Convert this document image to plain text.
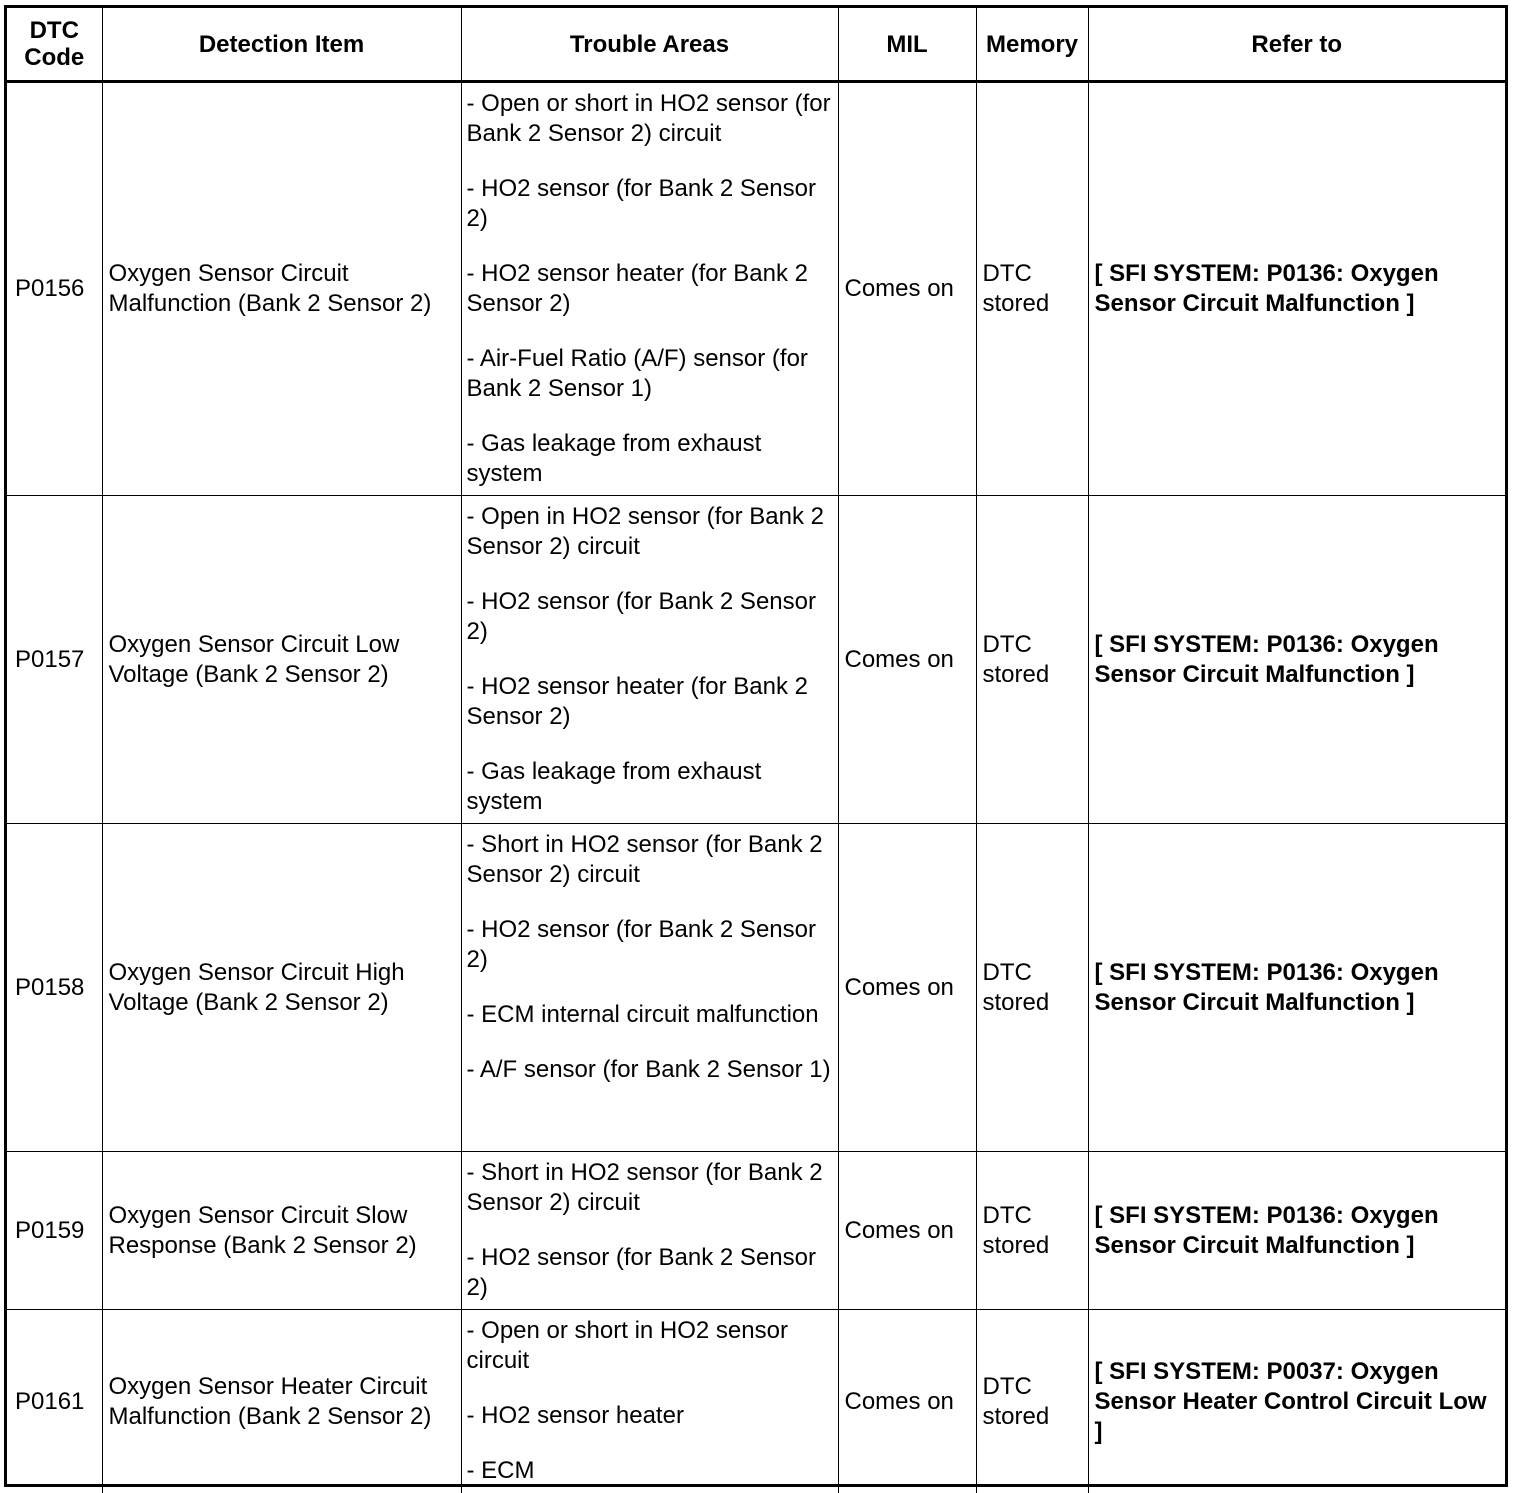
DTC Code	Detection Item	Trouble Areas	MIL	Memory	Refer to
P0156	Oxygen Sensor Circuit Malfunction (Bank 2 Sensor 2)	- Open or short in HO2 sensor (for Bank 2 Sensor 2) circuit
- HO2 sensor (for Bank 2 Sensor 2)
- HO2 sensor heater (for Bank 2 Sensor 2)
- Air-Fuel Ratio (A/F) sensor (for Bank 2 Sensor 1)
- Gas leakage from exhaust system	Comes on	DTC stored	[ SFI SYSTEM: P0136: Oxygen Sensor Circuit Malfunction ]
P0157	Oxygen Sensor Circuit Low Voltage (Bank 2 Sensor 2)	- Open in HO2 sensor (for Bank 2 Sensor 2) circuit
- HO2 sensor (for Bank 2 Sensor 2)
- HO2 sensor heater (for Bank 2 Sensor 2)
- Gas leakage from exhaust system	Comes on	DTC stored	[ SFI SYSTEM: P0136: Oxygen Sensor Circuit Malfunction ]
P0158	Oxygen Sensor Circuit High Voltage (Bank 2 Sensor 2)	- Short in HO2 sensor (for Bank 2 Sensor 2) circuit
- HO2 sensor (for Bank 2 Sensor 2)
- ECM internal circuit malfunction
- A/F sensor (for Bank 2 Sensor 1)	Comes on	DTC stored	[ SFI SYSTEM: P0136: Oxygen Sensor Circuit Malfunction ]
P0159	Oxygen Sensor Circuit Slow Response (Bank 2 Sensor 2)	- Short in HO2 sensor (for Bank 2 Sensor 2) circuit
- HO2 sensor (for Bank 2 Sensor 2)	Comes on	DTC stored	[ SFI SYSTEM: P0136: Oxygen Sensor Circuit Malfunction ]
P0161	Oxygen Sensor Heater Circuit Malfunction (Bank 2 Sensor 2)	- Open or short in HO2 sensor circuit
- HO2 sensor heater
- ECM	Comes on	DTC stored	[ SFI SYSTEM: P0037: Oxygen Sensor Heater Control Circuit Low ]
